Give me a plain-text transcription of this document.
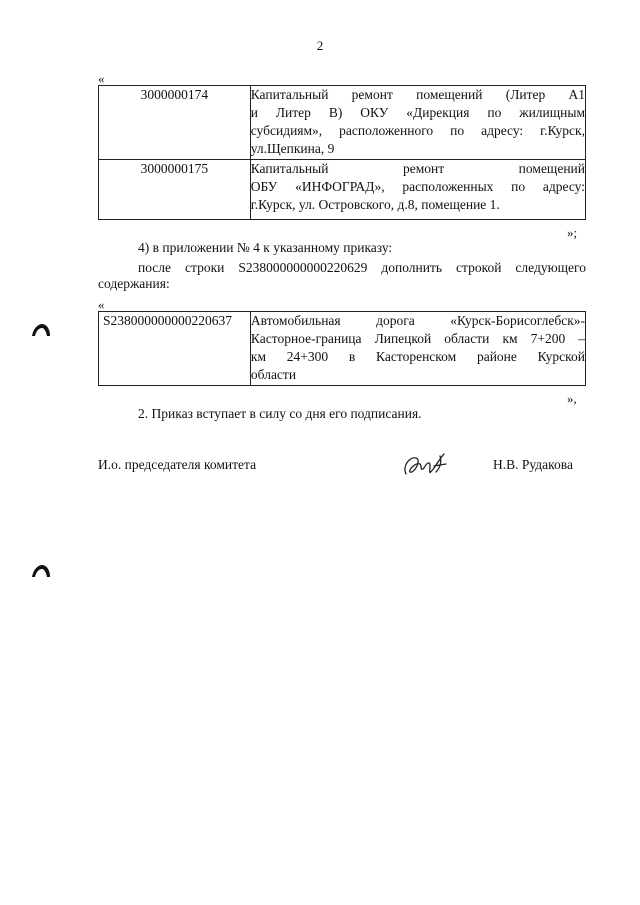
2
«
3000000174	Капитальный ремонт помещений (Литер А1
и Литер В) ОКУ «Дирекция по жилищным
субсидиям», расположенного по адресу: г.Курск,
ул.Щепкина, 9

3000000175	Капитальный ремонт помещений
ОБУ «ИНФОГРАД», расположенных по адресу:
г.Курск, ул. Островского, д.8, помещение 1.
»;
4) в приложении № 4 к указанному приказу:
после строки S238000000000220629 дополнить строкой следующего
содержания:
«
S238000000000220637	Автомобильная дорога «Курск-Борисоглебск»-
Касторное-граница Липецкой области км 7+200 –
км 24+300 в Касторенском районе Курской
области
»,
2. Приказ вступает в силу со дня его подписания.
И.о. председателя комитета	Н.В. Рудакова
